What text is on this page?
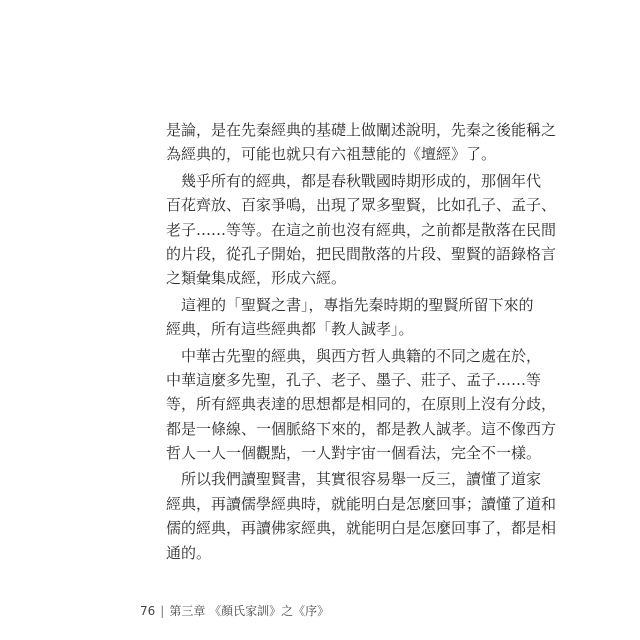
是論，是在先秦經典的基礎上做闡述說明，先秦之後能稱之
為經典的，可能也就只有六祖慧能的《壇經》了。
　幾乎所有的經典，都是春秋戰國時期形成的，那個年代
百花齊放、百家爭鳴，出現了眾多聖賢，比如孔子、孟子、
老子……等等。在這之前也沒有經典，之前都是散落在民間
的片段，從孔子開始，把民間散落的片段、聖賢的語錄格言
之類彙集成經，形成六經。
　這裡的「聖賢之書」，專指先秦時期的聖賢所留下來的
經典，所有這些經典都「教人誠孝」。
　中華古先聖的經典，與西方哲人典籍的不同之處在於，
中華這麼多先聖，孔子、老子、墨子、莊子、孟子……等
等，所有經典表達的思想都是相同的，在原則上沒有分歧，
都是一條線、一個脈絡下來的，都是教人誠孝。這不像西方
哲人一人一個觀點，一人對宇宙一個看法，完全不一樣。
　所以我們讀聖賢書，其實很容易舉一反三，讀懂了道家
經典，再讀儒學經典時，就能明白是怎麼回事；讀懂了道和
儒的經典，再讀佛家經典，就能明白是怎麼回事了，都是相
通的。
76 | 第三章 《顏氏家訓》之《序》
